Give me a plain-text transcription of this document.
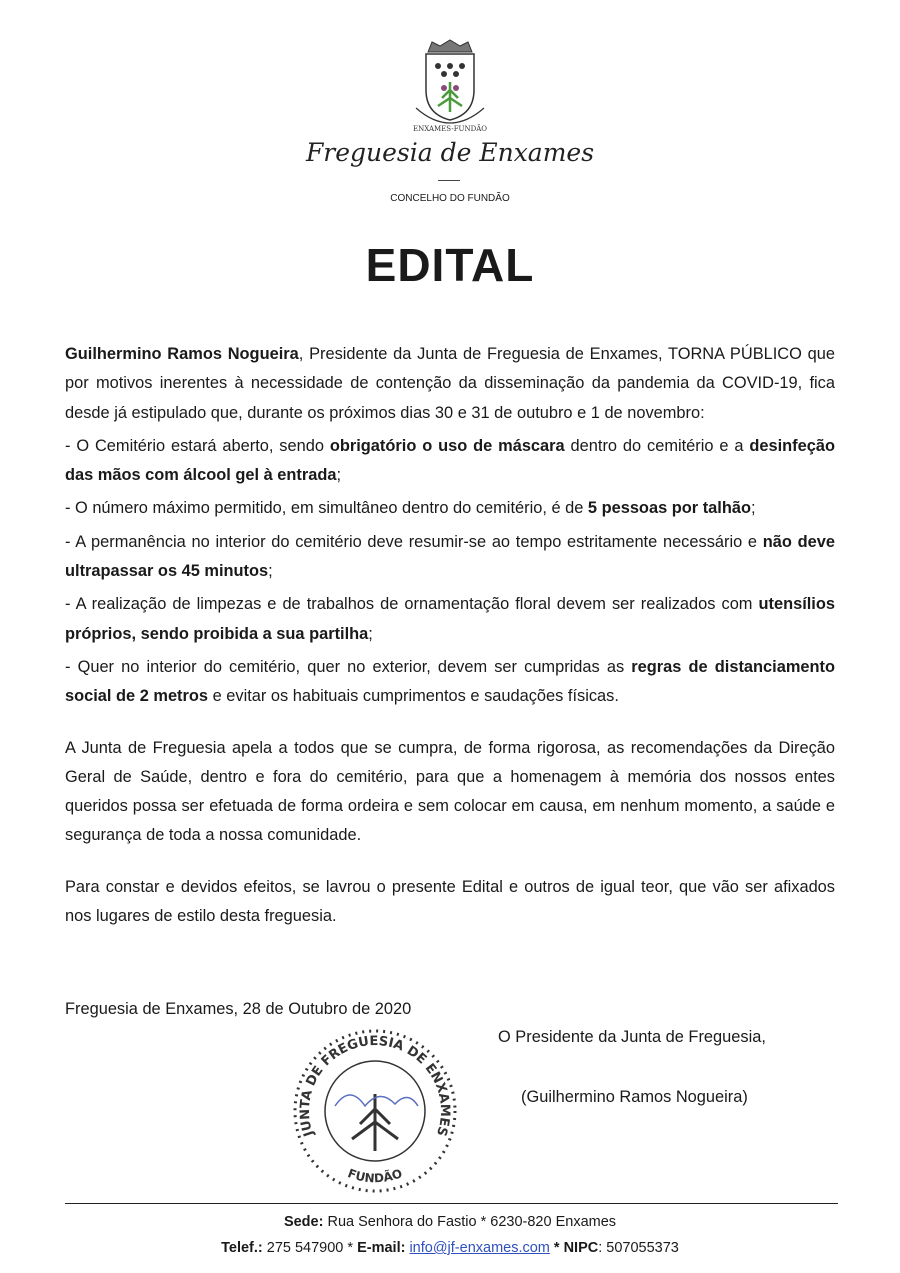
ENXAMES-FUNDÃO
Freguesia de Enxames
CONCELHO DO FUNDÃO
EDITAL

Guilhermino Ramos Nogueira, Presidente da Junta de Freguesia de Enxames, TORNA PÚBLICO que por motivos inerentes à necessidade de contenção da disseminação da pandemia da COVID-19, fica desde já estipulado que, durante os próximos dias 30 e 31 de outubro e 1 de novembro:

- O Cemitério estará aberto, sendo obrigatório o uso de máscara dentro do cemitério e a desinfeção das mãos com álcool gel à entrada;

- O número máximo permitido, em simultâneo dentro do cemitério, é de 5 pessoas por talhão;

- A permanência no interior do cemitério deve resumir-se ao tempo estritamente necessário e não deve ultrapassar os 45 minutos;

- A realização de limpezas e de trabalhos de ornamentação floral devem ser realizados com utensílios próprios, sendo proibida a sua partilha;

- Quer no interior do cemitério, quer no exterior, devem ser cumpridas as regras de distanciamento social de 2 metros e evitar os habituais cumprimentos e saudações físicas.

A Junta de Freguesia apela a todos que se cumpra, de forma rigorosa, as recomendações da Direção Geral de Saúde, dentro e fora do cemitério, para que a homenagem à memória dos nossos entes queridos possa ser efetuada de forma ordeira e sem colocar em causa, em nenhum momento, a saúde e segurança de toda a nossa comunidade.

Para constar e devidos efeitos, se lavrou o presente Edital e outros de igual teor, que vão ser afixados nos lugares de estilo desta freguesia.

Freguesia de Enxames, 28 de Outubro de 2020
JUNTA DE FREGUESIA DE ENXAMES
FUNDÃO
O Presidente da Junta de Freguesia,
(Guilhermino Ramos Nogueira)
Sede: Rua Senhora do Fastio * 6230-820 Enxames
Telef.: 275 547900 * E-mail: info@jf-enxames.com * NIPC: 507055373
